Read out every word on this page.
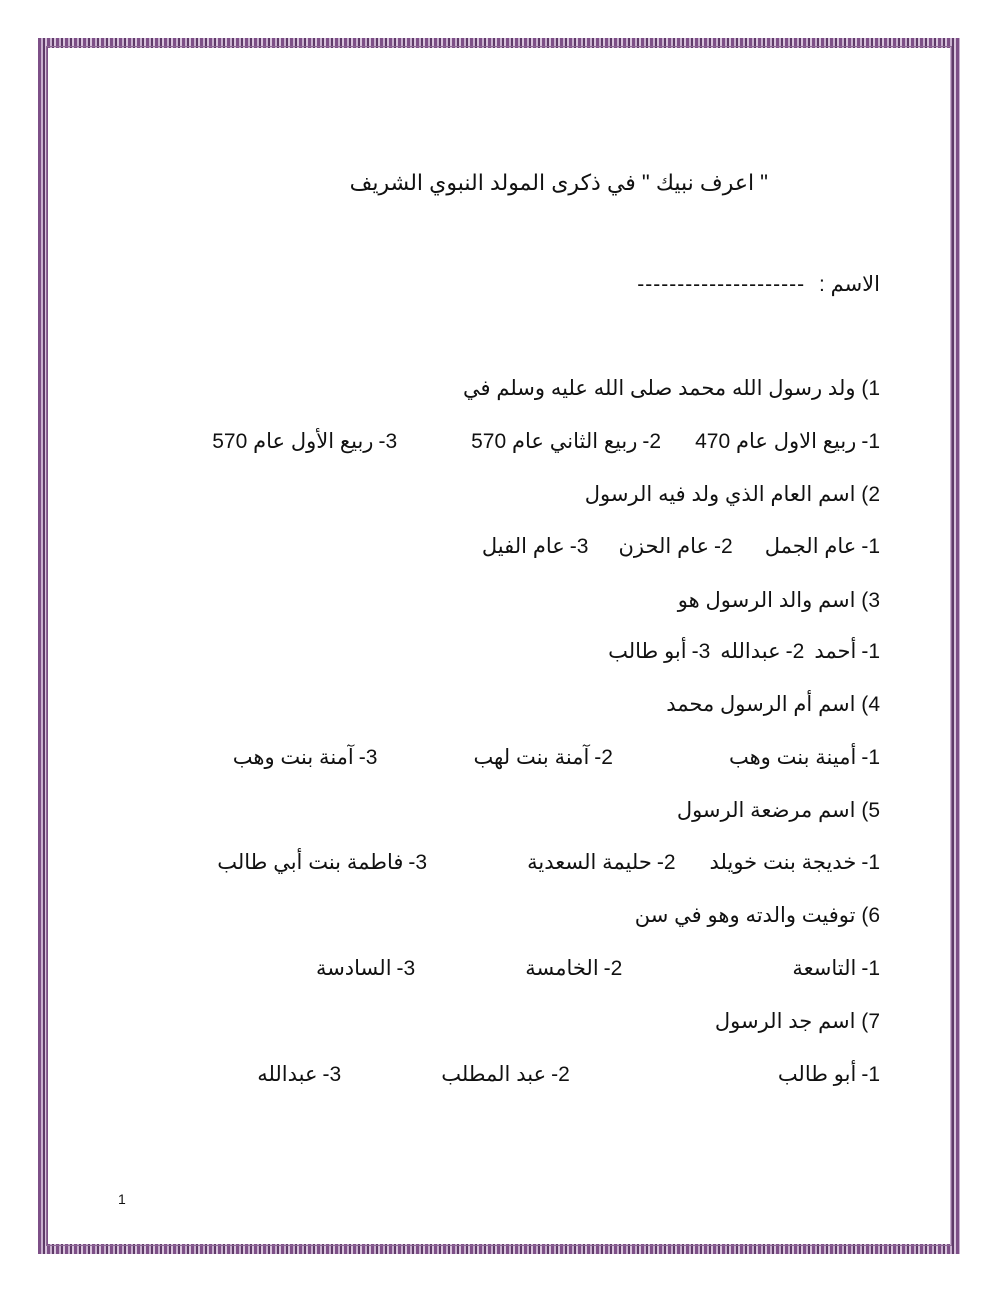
" اعرف نبيك " في ذكرى المولد النبوي الشريف
الاسم : ---------------------
1) ولد رسول الله محمد صلى الله عليه وسلم في
1-ربيع الاول عام 470
2-ربيع الثاني عام 570
3-ربيع الأول عام 570
2) اسم العام الذي ولد فيه الرسول
1-عام الجمل
2-عام الحزن
3-عام الفيل
3) اسم والد الرسول هو
1-أحمد
2-عبدالله
3-أبو طالب
4) اسم أم الرسول محمد
1-أمينة بنت وهب
2-آمنة بنت لهب
3-آمنة بنت وهب
5) اسم مرضعة الرسول
1-خديجة بنت خويلد
2-حليمة السعدية
3-فاطمة بنت أبي طالب
6) توفيت والدته وهو في سن
1-التاسعة
2-الخامسة
3-السادسة
7) اسم جد الرسول
1-أبو طالب
2-عبد المطلب
3-عبدالله
1
